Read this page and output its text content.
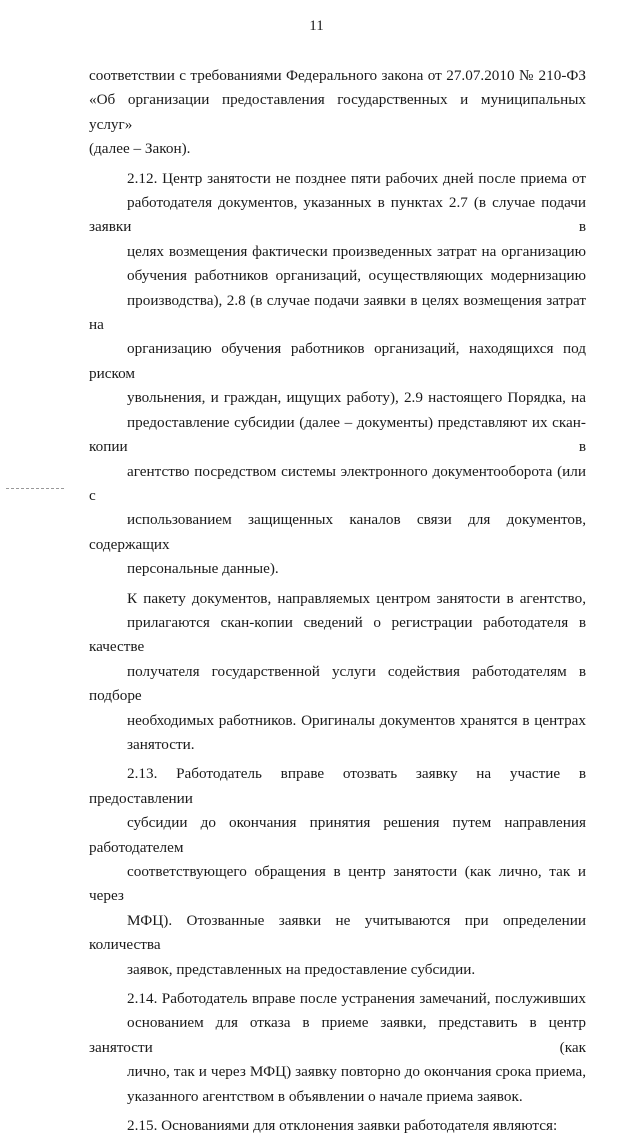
11

соответствии с требованиями Федерального закона от 27.07.2010 № 210-ФЗ
«Об организации предоставления государственных и муниципальных услуг»
(далее – Закон).

2.12. Центр занятости не позднее пяти рабочих дней после приема от
работодателя документов, указанных в пунктах 2.7 (в случае подачи заявки в
целях возмещения фактически произведенных затрат на организацию
обучения работников организаций, осуществляющих модернизацию
производства), 2.8 (в случае подачи заявки в целях возмещения затрат на
организацию обучения работников организаций, находящихся под риском
увольнения, и граждан, ищущих работу), 2.9 настоящего Порядка, на
предоставление субсидии (далее – документы) представляют их скан-копии в
агентство посредством системы электронного документооборота (или с
использованием защищенных каналов связи для документов, содержащих
персональные данные).

К пакету документов, направляемых центром занятости в агентство,
прилагаются скан-копии сведений о регистрации работодателя в качестве
получателя государственной услуги содействия работодателям в подборе
необходимых работников. Оригиналы документов хранятся в центрах
занятости.

2.13. Работодатель вправе отозвать заявку на участие в предоставлении
субсидии до окончания принятия решения путем направления работодателем
соответствующего обращения в центр занятости (как лично, так и через
МФЦ). Отозванные заявки не учитываются при определении количества
заявок, представленных на предоставление субсидии.

2.14. Работодатель вправе после устранения замечаний, послуживших
основанием для отказа в приеме заявки, представить в центр занятости (как
лично, так и через МФЦ) заявку повторно до окончания срока приема,
указанного агентством в объявлении о начале приема заявок.

2.15. Основаниями для отклонения заявки работодателя являются:
